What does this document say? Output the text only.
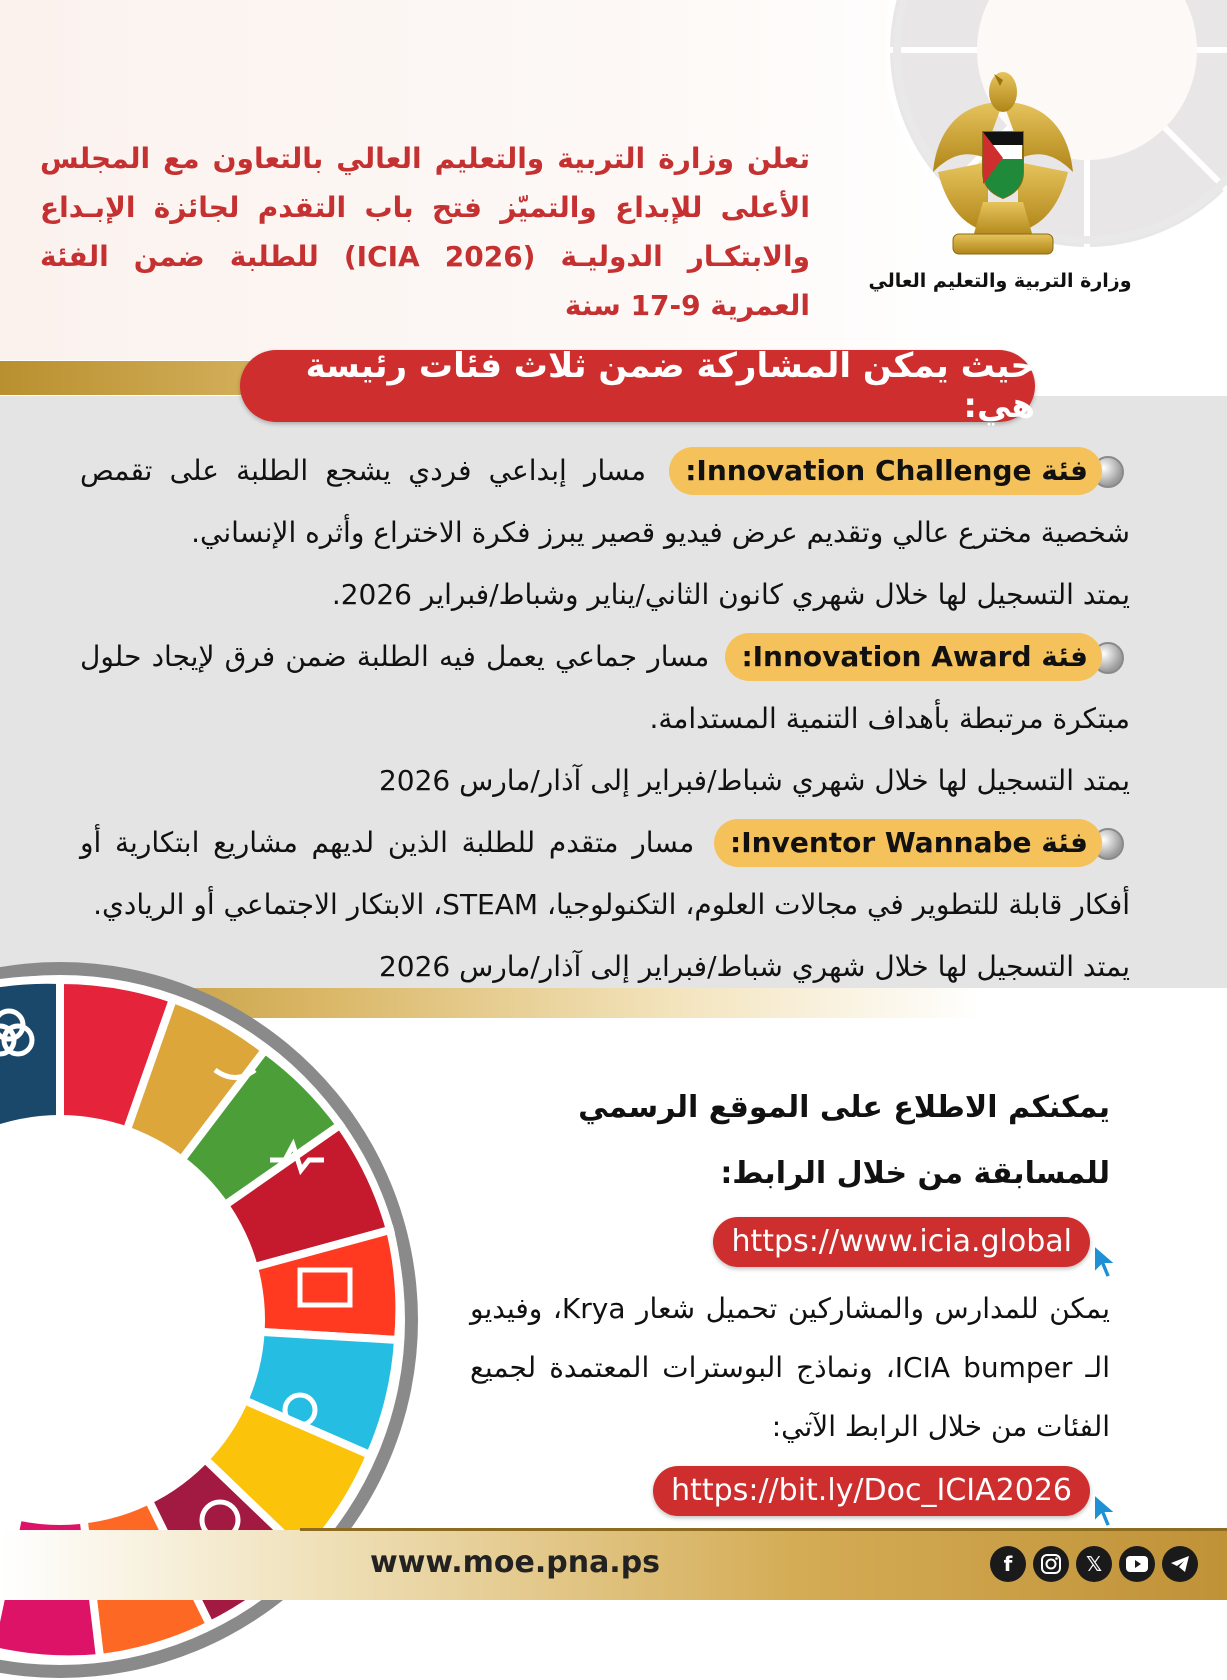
تعلن وزارة التربية والتعليم العالي بالتعاون مع المجلس الأعلى للإبداع والتميّز فتح باب التقدم لجائزة الإبـداع والابتكـار الدوليـة (ICIA 2026) للطلبة ضمن الفئة العمرية 9-17 سنة

وزارة التربية والتعليم العالي
حيث يمكن المشاركة ضمن ثلاث فئات رئيسة هي:
فئة Innovation Challenge: مسار إبداعي فردي يشجع الطلبة على تقمص شخصية مخترع عالي وتقديم عرض فيديو قصير يبرز فكرة الاختراع وأثره الإنساني.
يمتد التسجيل لها خلال شهري كانون الثاني/يناير وشباط/فبراير 2026.
فئة Innovation Award: مسار جماعي يعمل فيه الطلبة ضمن فرق لإيجاد حلول مبتكرة مرتبطة بأهداف التنمية المستدامة.
يمتد التسجيل لها خلال شهري شباط/فبراير إلى آذار/مارس 2026
فئة Inventor Wannabe: مسار متقدم للطلبة الذين لديهم مشاريع ابتكارية أو أفكار قابلة للتطوير في مجالات العلوم، التكنولوجيا، STEAM، الابتكار الاجتماعي أو الريادي.
يمتد التسجيل لها خلال شهري شباط/فبراير إلى آذار/مارس 2026

يمكنكم الاطلاع على الموقع الرسمي للمسابقة من خلال الرابط:

https://www.icia.global

يمكن للمدارس والمشاركين تحميل شعار Krya، وفيديو الـ ICIA bumper، ونماذج البوسترات المعتمدة لجميع الفئات من خلال الرابط الآتي:

https://bit.ly/Doc_ICIA2026
www.moe.pna.ps	f	𝕏
